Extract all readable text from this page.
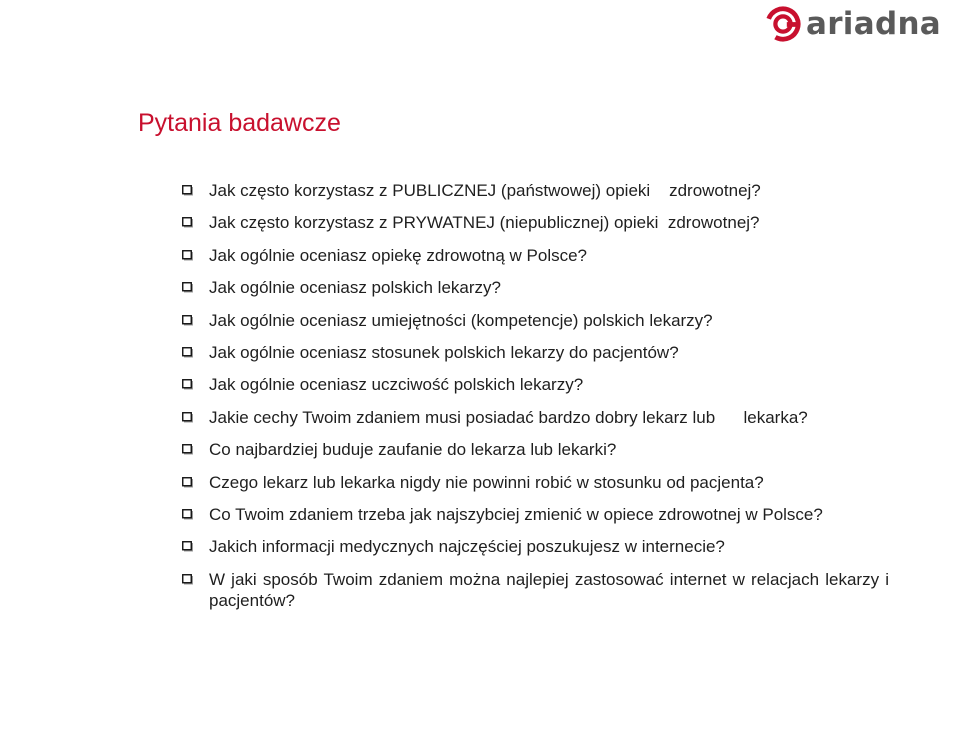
ariadna
Pytania badawcze
Jak często korzystasz z PUBLICZNEJ (państwowej) opieki    zdrowotnej?
Jak często korzystasz z PRYWATNEJ (niepublicznej) opieki  zdrowotnej?
Jak ogólnie oceniasz opiekę zdrowotną w Polsce?
Jak ogólnie oceniasz polskich lekarzy?
Jak ogólnie oceniasz umiejętności (kompetencje) polskich lekarzy?
Jak ogólnie oceniasz stosunek polskich lekarzy do pacjentów?
Jak ogólnie oceniasz uczciwość polskich lekarzy?
Jakie cechy Twoim zdaniem musi posiadać bardzo dobry lekarz lub      lekarka?
Co najbardziej buduje zaufanie do lekarza lub lekarki?
Czego lekarz lub lekarka nigdy nie powinni robić w stosunku od pacjenta?
Co Twoim zdaniem trzeba jak najszybciej zmienić w opiece zdrowotnej w Polsce?
Jakich informacji medycznych najczęściej poszukujesz w internecie?
W jaki sposób Twoim zdaniem można najlepiej zastosować internet w relacjach lekarzy i pacjentów?
